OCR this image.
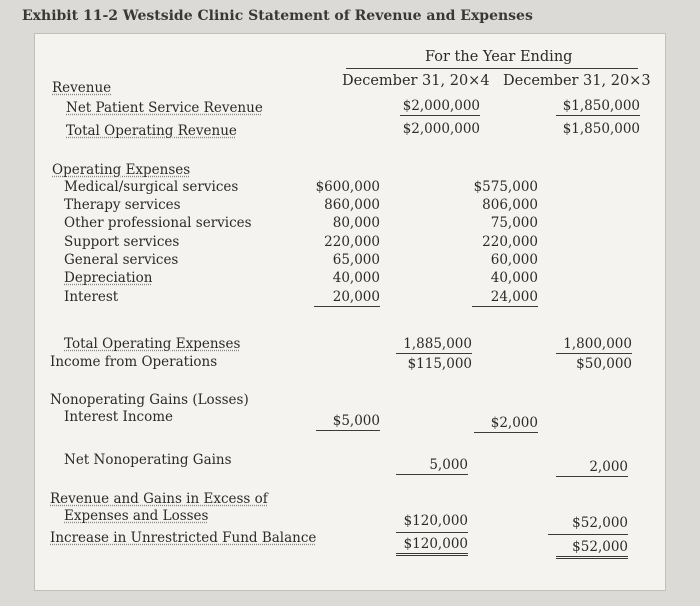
Exhibit 11-2 Westside Clinic Statement of Revenue and Expenses
For the Year Ending
December 31, 20×4 December 31, 20×3
Revenue
Net Patient Service Revenue	$2,000,000	$1,850,000
Total Operating Revenue	$2,000,000	$1,850,000
Operating Expenses
Medical/surgical services	$600,000	$575,000
Therapy services	860,000	806,000
Other professional services	80,000	75,000
Support services	220,000	220,000
General services	65,000	60,000
Depreciation	40,000	40,000
Interest	20,000	24,000
Total Operating Expenses	1,885,000	1,800,000
Income from Operations	$115,000	$50,000
Nonoperating Gains (Losses)
Interest Income	$5,000	$2,000
Net Nonoperating Gains	5,000	2,000
Revenue and Gains in Excess of
Expenses and Losses	$120,000	$52,000
Increase in Unrestricted Fund Balance	$120,000	$52,000
